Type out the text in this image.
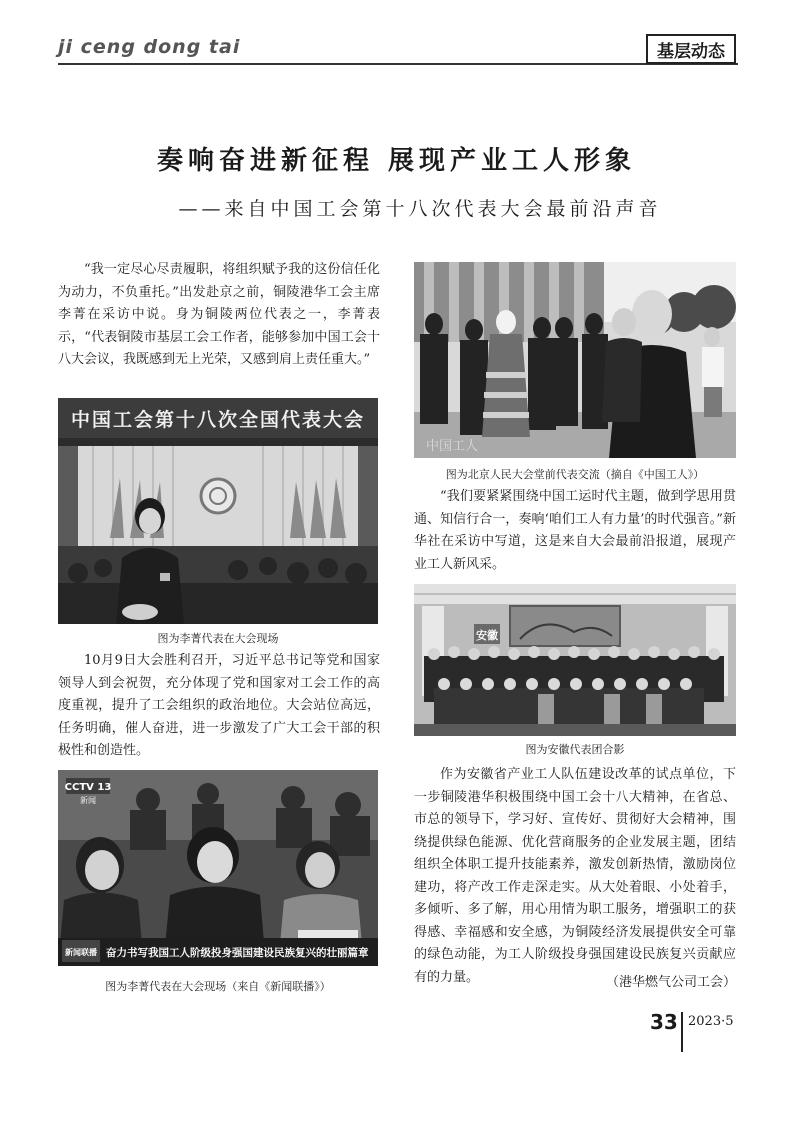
ji ceng dong tai	基层动态
奏响奋进新征程 展现产业工人形象
——来自中国工会第十八次代表大会最前沿声音
“我一定尽心尽责履职，将组织赋予我的这份信任化为动力，不负重托。”出发赴京之前，铜陵港华工会主席李菁在采访中说。身为铜陵两位代表之一，李菁表示，“代表铜陵市基层工会工作者，能够参加中国工会十八大会议，我既感到无上光荣，又感到肩上责任重大。”
中国工会第十八次全国代表大会
图为李菁代表在大会现场
10月9日大会胜利召开，习近平总书记等党和国家领导人到会祝贺，充分体现了党和国家对工会工作的高度重视，提升了工会组织的政治地位。大会站位高远，任务明确，催人奋进，进一步激发了广大工会干部的积极性和创造性。
CCTV 13
新闻
新闻联播 奋力书写我国工人阶级投身强国建设民族复兴的壮丽篇章
图为李菁代表在大会现场（来自《新闻联播》）
中国工人
图为北京人民大会堂前代表交流（摘自《中国工人》）
“我们要紧紧围绕中国工运时代主题，做到学思用贯通、知信行合一，奏响‘咱们工人有力量’的时代强音。”新华社在采访中写道，这是来自大会最前沿报道，展现产业工人新风采。
安徽
图为安徽代表团合影
作为安徽省产业工人队伍建设改革的试点单位，下一步铜陵港华积极围绕中国工会十八大精神，在省总、市总的领导下，学习好、宣传好、贯彻好大会精神，围绕提供绿色能源、优化营商服务的企业发展主题，团结组织全体职工提升技能素养，激发创新热情，激励岗位建功，将产改工作走深走实。从大处着眼、小处着手，多倾听、多了解，用心用情为职工服务，增强职工的获得感、幸福感和安全感，为铜陵经济发展提供安全可靠的绿色动能，为工人阶级投身强国建设民族复兴贡献应有的力量。	（港华燃气公司工会）
33 2023·5
